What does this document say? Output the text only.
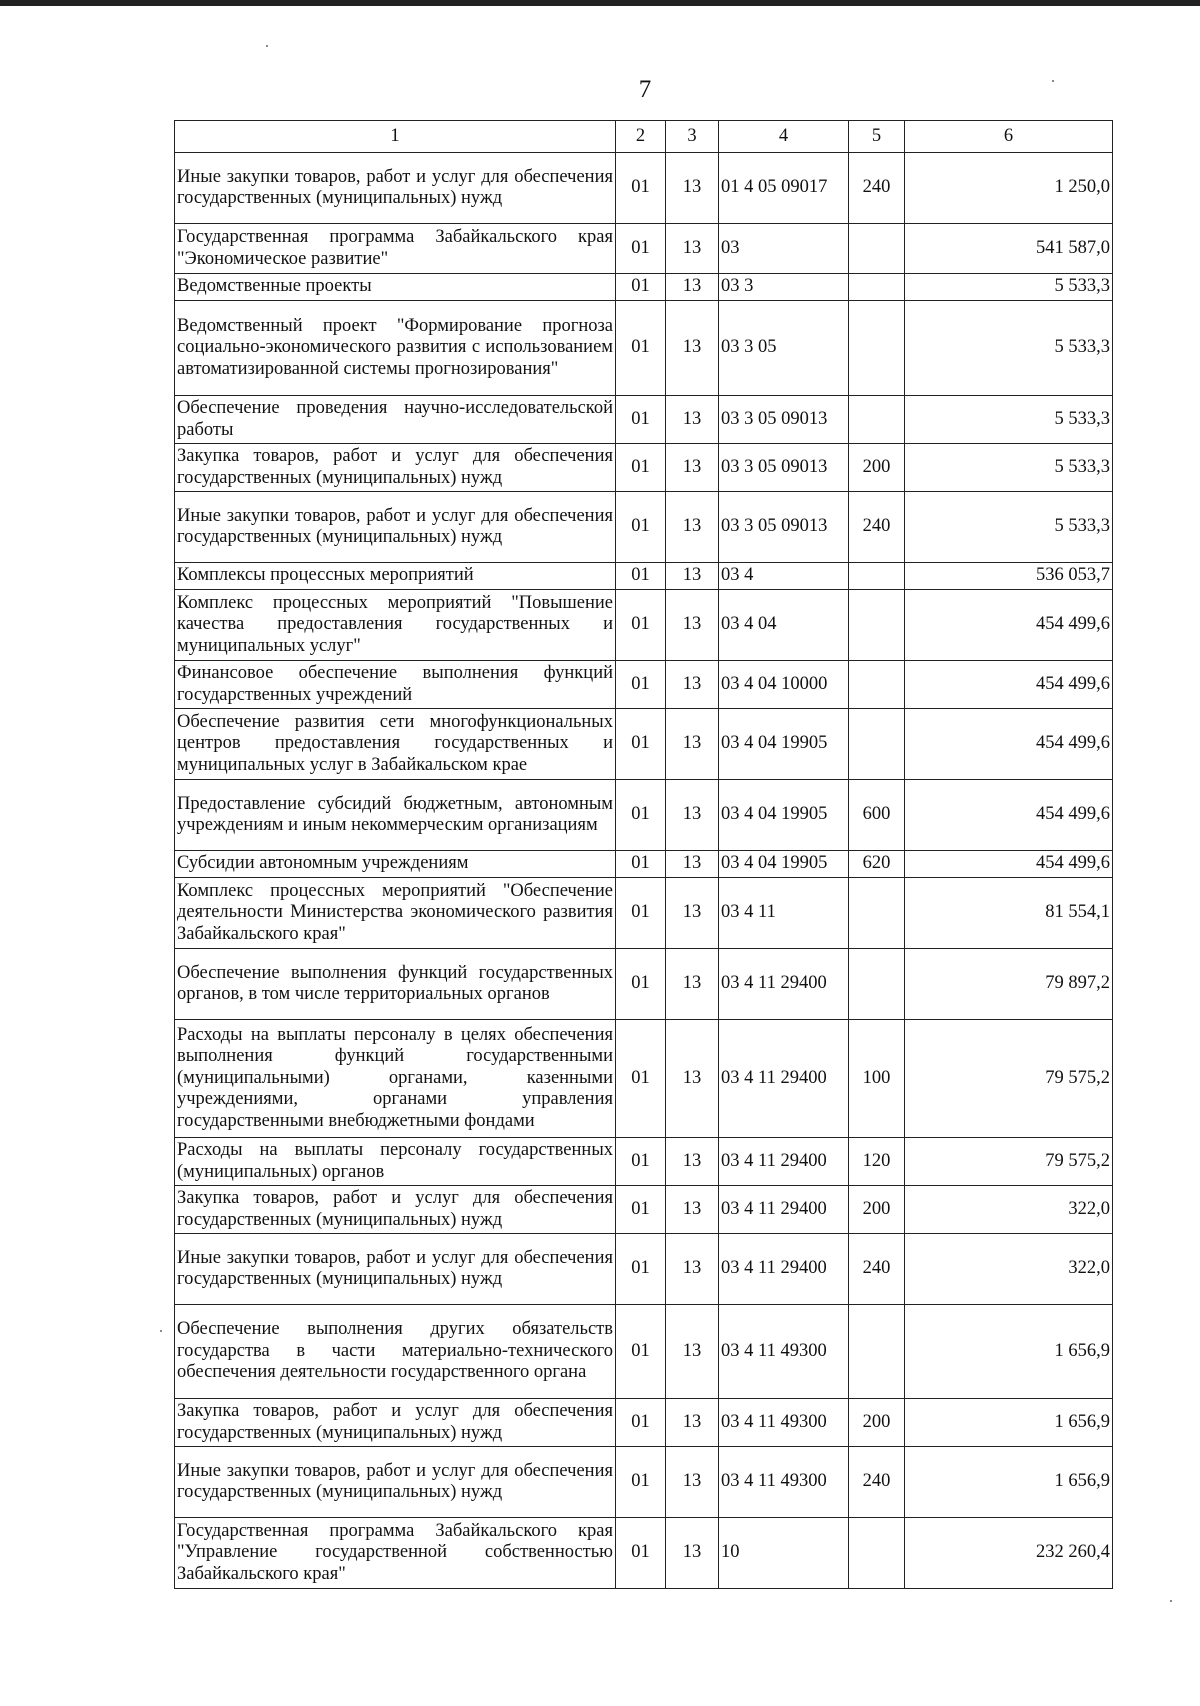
7
1	2	3	4	5	6
Иные закупки товаров, работ и услуг для обеспечения государственных (муниципальных) нужд	01	13	01 4 05 09017	240	1 250,0
Государственная программа Забайкальского края "Экономическое развитие"	01	13	03		541 587,0
Ведомственные проекты	01	13	03 3		5 533,3
Ведомственный проект "Формирование прогноза социально-экономического развития с использованием автоматизированной системы прогнозирования"	01	13	03 3 05		5 533,3
Обеспечение проведения научно-исследовательской работы	01	13	03 3 05 09013		5 533,3
Закупка товаров, работ и услуг для обеспечения государственных (муниципальных) нужд	01	13	03 3 05 09013	200	5 533,3
Иные закупки товаров, работ и услуг для обеспечения государственных (муниципальных) нужд	01	13	03 3 05 09013	240	5 533,3
Комплексы процессных мероприятий	01	13	03 4		536 053,7
Комплекс процессных мероприятий "Повышение качества предоставления государственных и муниципальных услуг"	01	13	03 4 04		454 499,6
Финансовое обеспечение выполнения функций государственных учреждений	01	13	03 4 04 10000		454 499,6
Обеспечение развития сети многофункциональных центров предоставления государственных и муниципальных услуг в Забайкальском крае	01	13	03 4 04 19905		454 499,6
Предоставление субсидий бюджетным, автономным учреждениям и иным некоммерческим организациям	01	13	03 4 04 19905	600	454 499,6
Субсидии автономным учреждениям	01	13	03 4 04 19905	620	454 499,6
Комплекс процессных мероприятий "Обеспечение деятельности Министерства экономического развития Забайкальского края"	01	13	03 4 11		81 554,1
Обеспечение выполнения функций государственных органов, в том числе территориальных органов	01	13	03 4 11 29400		79 897,2
Расходы на выплаты персоналу в целях обеспечения выполнения функций государственными (муниципальными) органами, казенными учреждениями, органами управления государственными внебюджетными фондами	01	13	03 4 11 29400	100	79 575,2
Расходы на выплаты персоналу государственных (муниципальных) органов	01	13	03 4 11 29400	120	79 575,2
Закупка товаров, работ и услуг для обеспечения государственных (муниципальных) нужд	01	13	03 4 11 29400	200	322,0
Иные закупки товаров, работ и услуг для обеспечения государственных (муниципальных) нужд	01	13	03 4 11 29400	240	322,0
Обеспечение выполнения других обязательств государства в части материально-технического обеспечения деятельности государственного органа	01	13	03 4 11 49300		1 656,9
Закупка товаров, работ и услуг для обеспечения государственных (муниципальных) нужд	01	13	03 4 11 49300	200	1 656,9
Иные закупки товаров, работ и услуг для обеспечения государственных (муниципальных) нужд	01	13	03 4 11 49300	240	1 656,9
Государственная программа Забайкальского края "Управление государственной собственностью Забайкальского края"	01	13	10		232 260,4
